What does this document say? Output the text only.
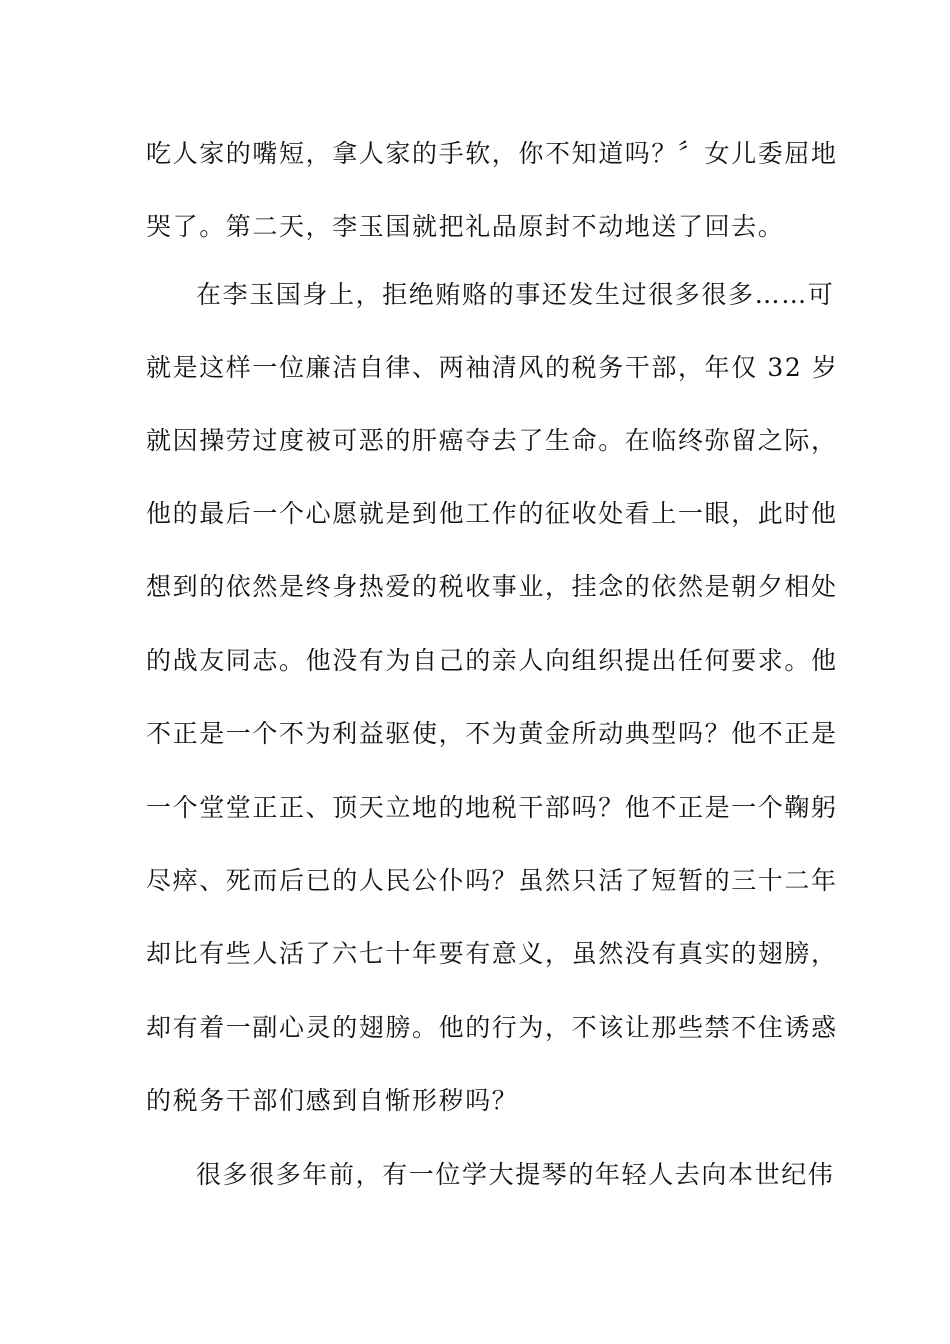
吃人家的嘴短，拿人家的手软，你不知道吗？〞女儿委屈地
哭了。第二天，李玉国就把礼品原封不动地送了回去。
在李玉国身上，拒绝贿赂的事还发生过很多很多……可
就是这样一位廉洁自律、两袖清风的税务干部，年仅 32 岁
就因操劳过度被可恶的肝癌夺去了生命。在临终弥留之际，
他的最后一个心愿就是到他工作的征收处看上一眼，此时他
想到的依然是终身热爱的税收事业，挂念的依然是朝夕相处
的战友同志。他没有为自己的亲人向组织提出任何要求。他
不正是一个不为利益驱使，不为黄金所动典型吗？他不正是
一个堂堂正正、顶天立地的地税干部吗？他不正是一个鞠躬
尽瘁、死而后已的人民公仆吗？虽然只活了短暂的三十二年
却比有些人活了六七十年要有意义，虽然没有真实的翅膀，
却有着一副心灵的翅膀。他的行为，不该让那些禁不住诱惑
的税务干部们感到自惭形秽吗？
很多很多年前，有一位学大提琴的年轻人去向本世纪伟
